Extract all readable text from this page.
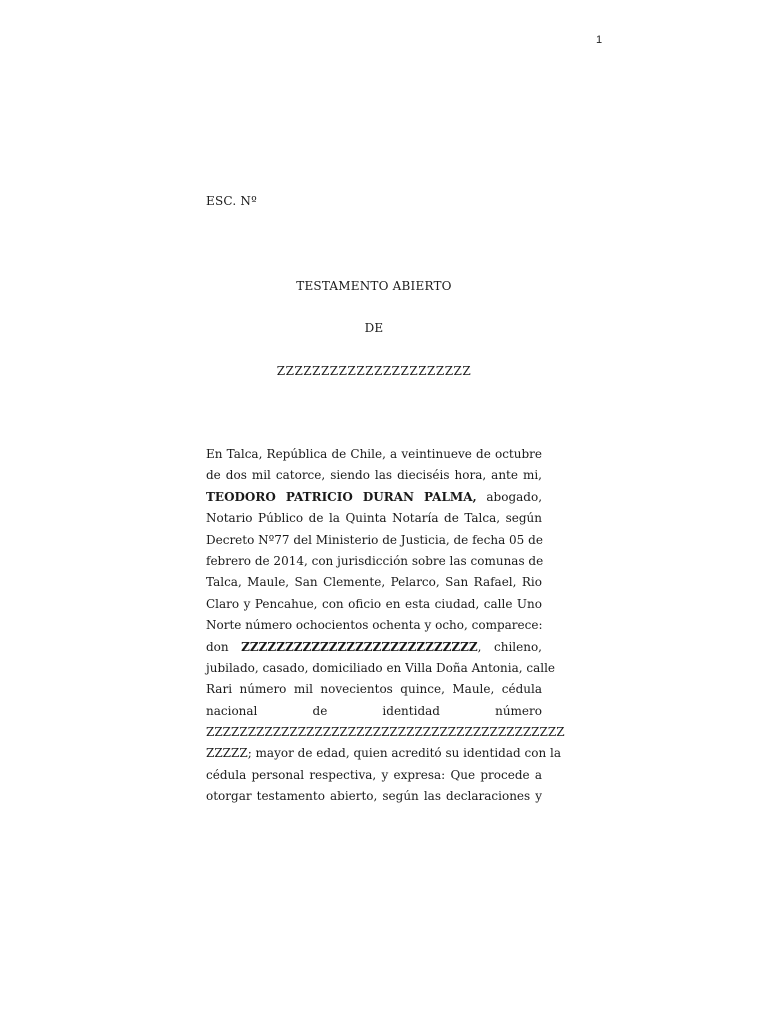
1
ESC. Nº
TESTAMENTO ABIERTO
DE
ZZZZZZZZZZZZZZZZZZZZZZ
En Talca, República de Chile, a veintinueve de octubre
de dos mil catorce, siendo las dieciséis hora, ante mi,
TEODORO PATRICIO DURAN PALMA, abogado,
Notario Público de la Quinta Notaría de Talca, según
Decreto Nº77 del Ministerio de Justicia, de fecha 05 de
febrero de 2014, con jurisdicción sobre las comunas de
Talca, Maule, San Clemente, Pelarco, San Rafael, Rio
Claro y Pencahue, con oficio en esta ciudad, calle Uno
Norte número ochocientos ochenta y ocho, comparece:
don ZZZZZZZZZZZZZZZZZZZZZZZZZZZ, chileno,
jubilado, casado, domiciliado en Villa Doña Antonia, calle
Rari número mil novecientos quince, Maule, cédula
nacional de identidad número
ZZZZZZZZZZZZZZZZZZZZZZZZZZZZZZZZZZZZZZZZZZZ
ZZZZZ; mayor de edad, quien acreditó su identidad con la
cédula personal respectiva, y expresa: Que procede a
otorgar testamento abierto, según las declaraciones y
